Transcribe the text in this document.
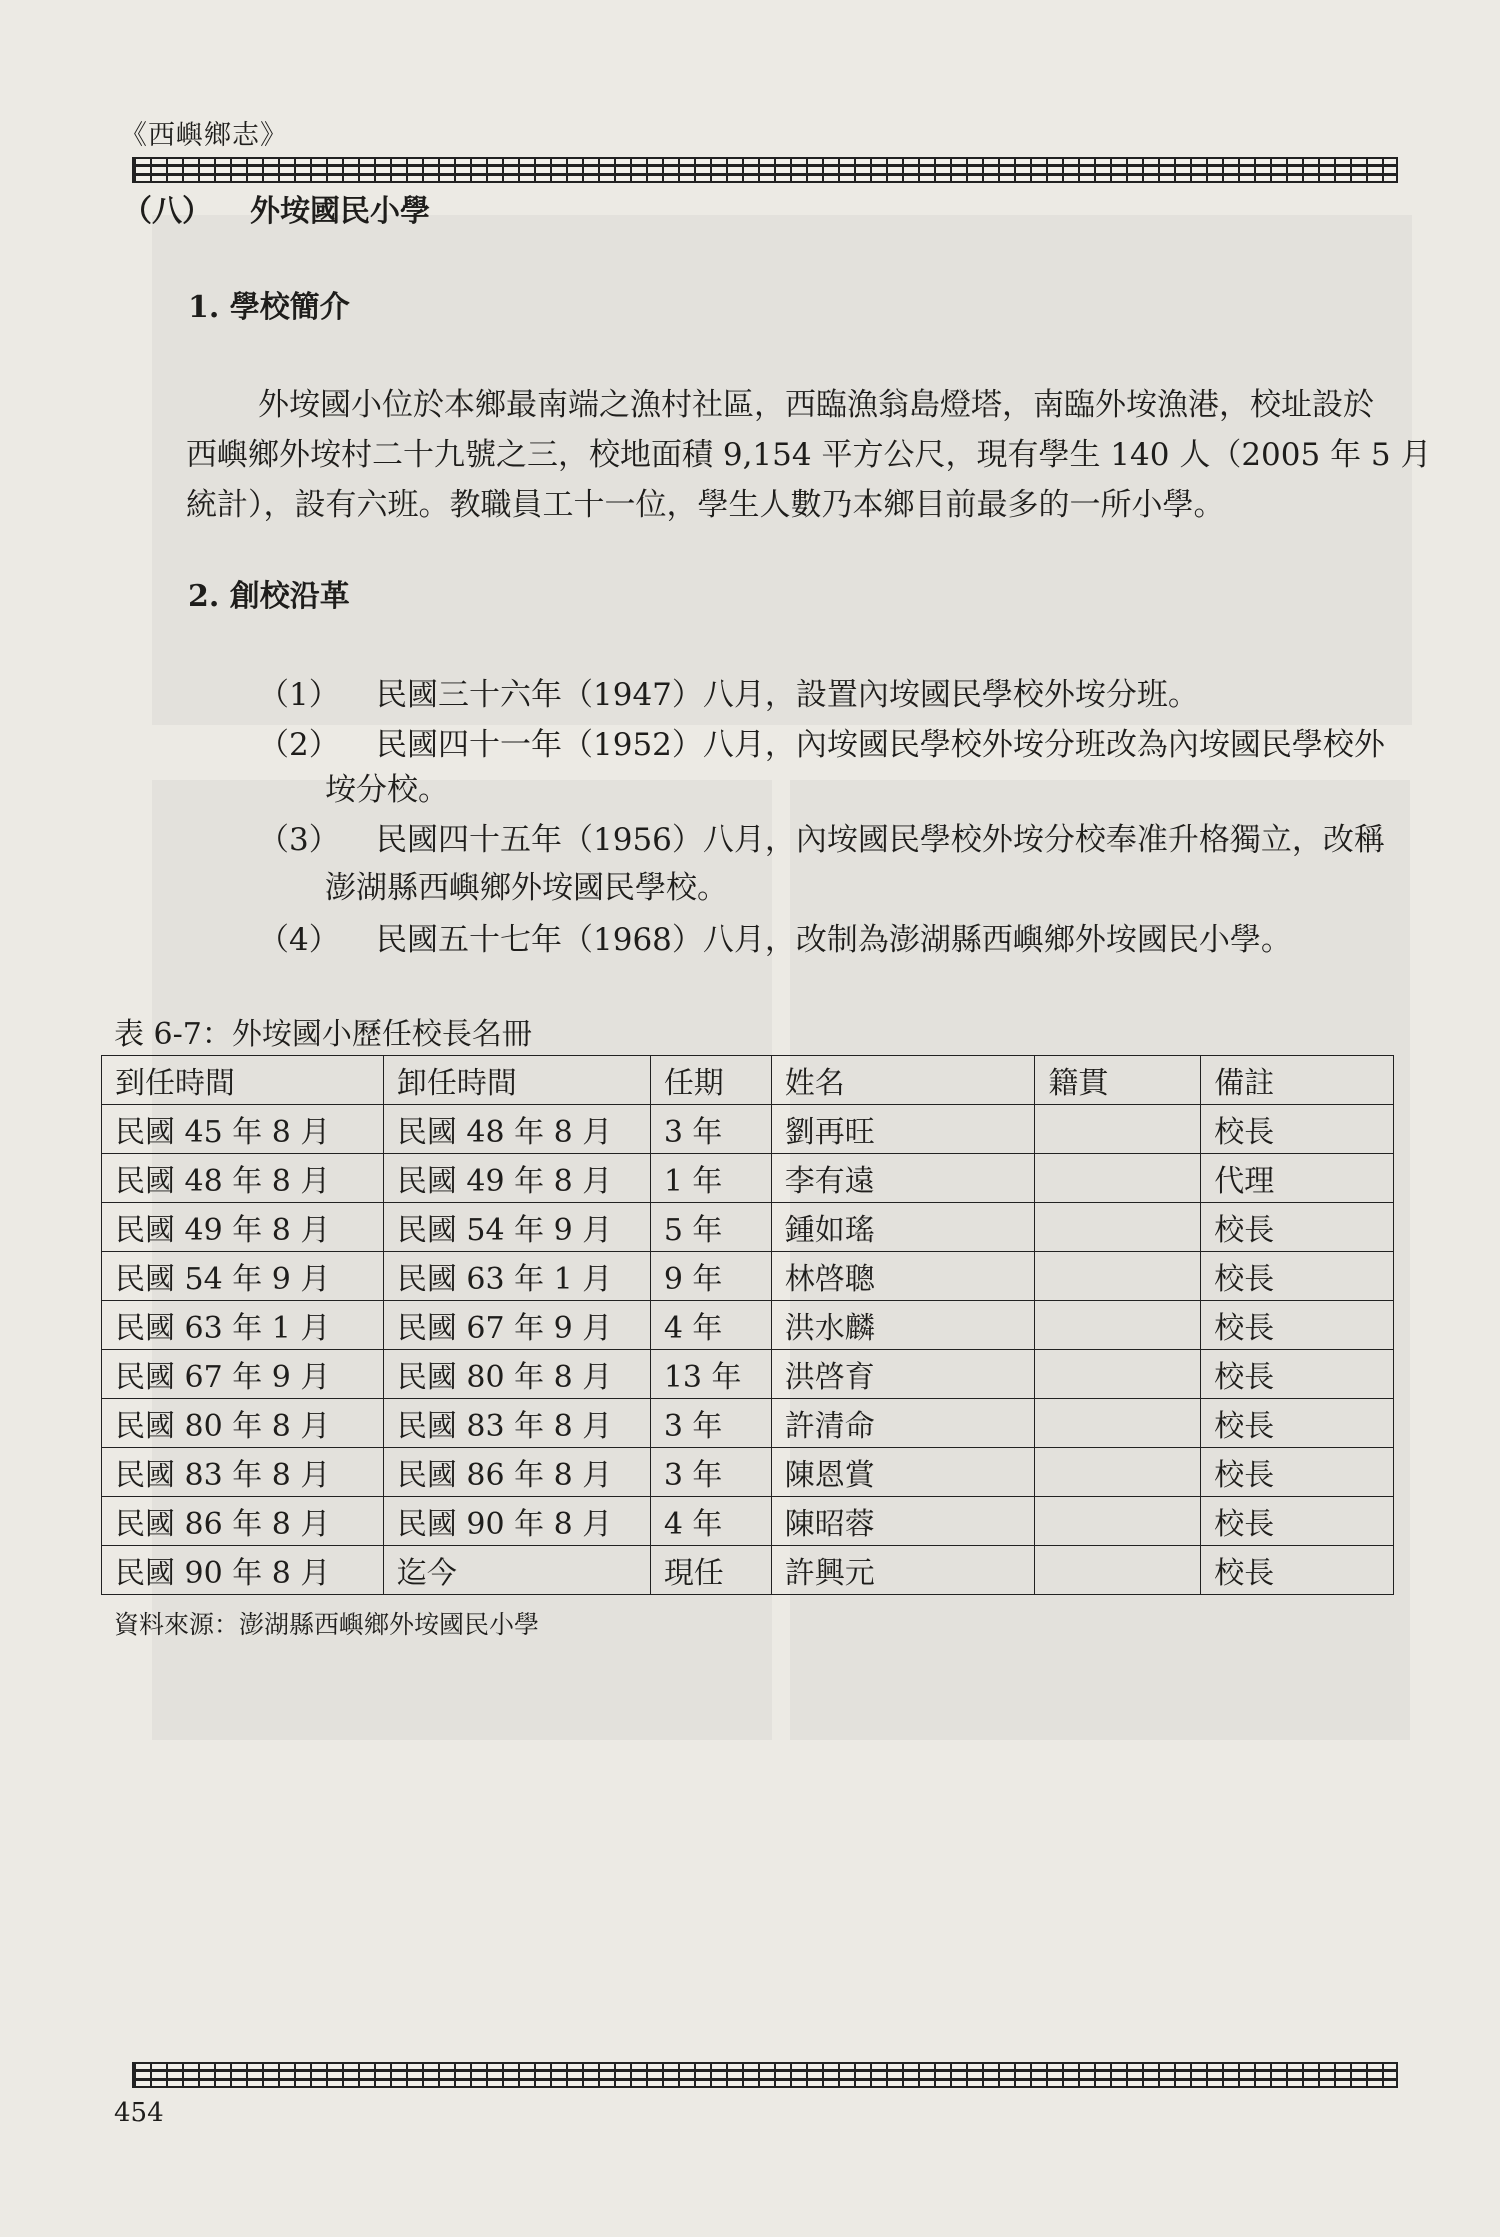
《西嶼鄉志》
（八） 外垵國民小學
1. 學校簡介
外垵國小位於本鄉最南端之漁村社區，西臨漁翁島燈塔，南臨外垵漁港，校址設於
西嶼鄉外垵村二十九號之三，校地面積 9,154 平方公尺，現有學生 140 人（2005 年 5 月
統計），設有六班。教職員工十一位，學生人數乃本鄉目前最多的一所小學。
2. 創校沿革
（1） 民國三十六年（1947）八月，設置內垵國民學校外垵分班。
（2） 民國四十一年（1952）八月，內垵國民學校外垵分班改為內垵國民學校外
垵分校。
（3） 民國四十五年（1956）八月，內垵國民學校外垵分校奉准升格獨立，改稱
澎湖縣西嶼鄉外垵國民學校。
（4） 民國五十七年（1968）八月，改制為澎湖縣西嶼鄉外垵國民小學。
表 6-7：外垵國小歷任校長名冊
到任時間	卸任時間	任期	姓名	籍貫	備註
民國 45 年 8 月	民國 48 年 8 月	3 年	劉再旺		校長
民國 48 年 8 月	民國 49 年 8 月	1 年	李有遠		代理
民國 49 年 8 月	民國 54 年 9 月	5 年	鍾如瑤		校長
民國 54 年 9 月	民國 63 年 1 月	9 年	林啓聰		校長
民國 63 年 1 月	民國 67 年 9 月	4 年	洪水麟		校長
民國 67 年 9 月	民國 80 年 8 月	13 年	洪啓育		校長
民國 80 年 8 月	民國 83 年 8 月	3 年	許清命		校長
民國 83 年 8 月	民國 86 年 8 月	3 年	陳恩賞		校長
民國 86 年 8 月	民國 90 年 8 月	4 年	陳昭蓉		校長
民國 90 年 8 月	迄今	現任	許興元		校長
資料來源：澎湖縣西嶼鄉外垵國民小學
454
